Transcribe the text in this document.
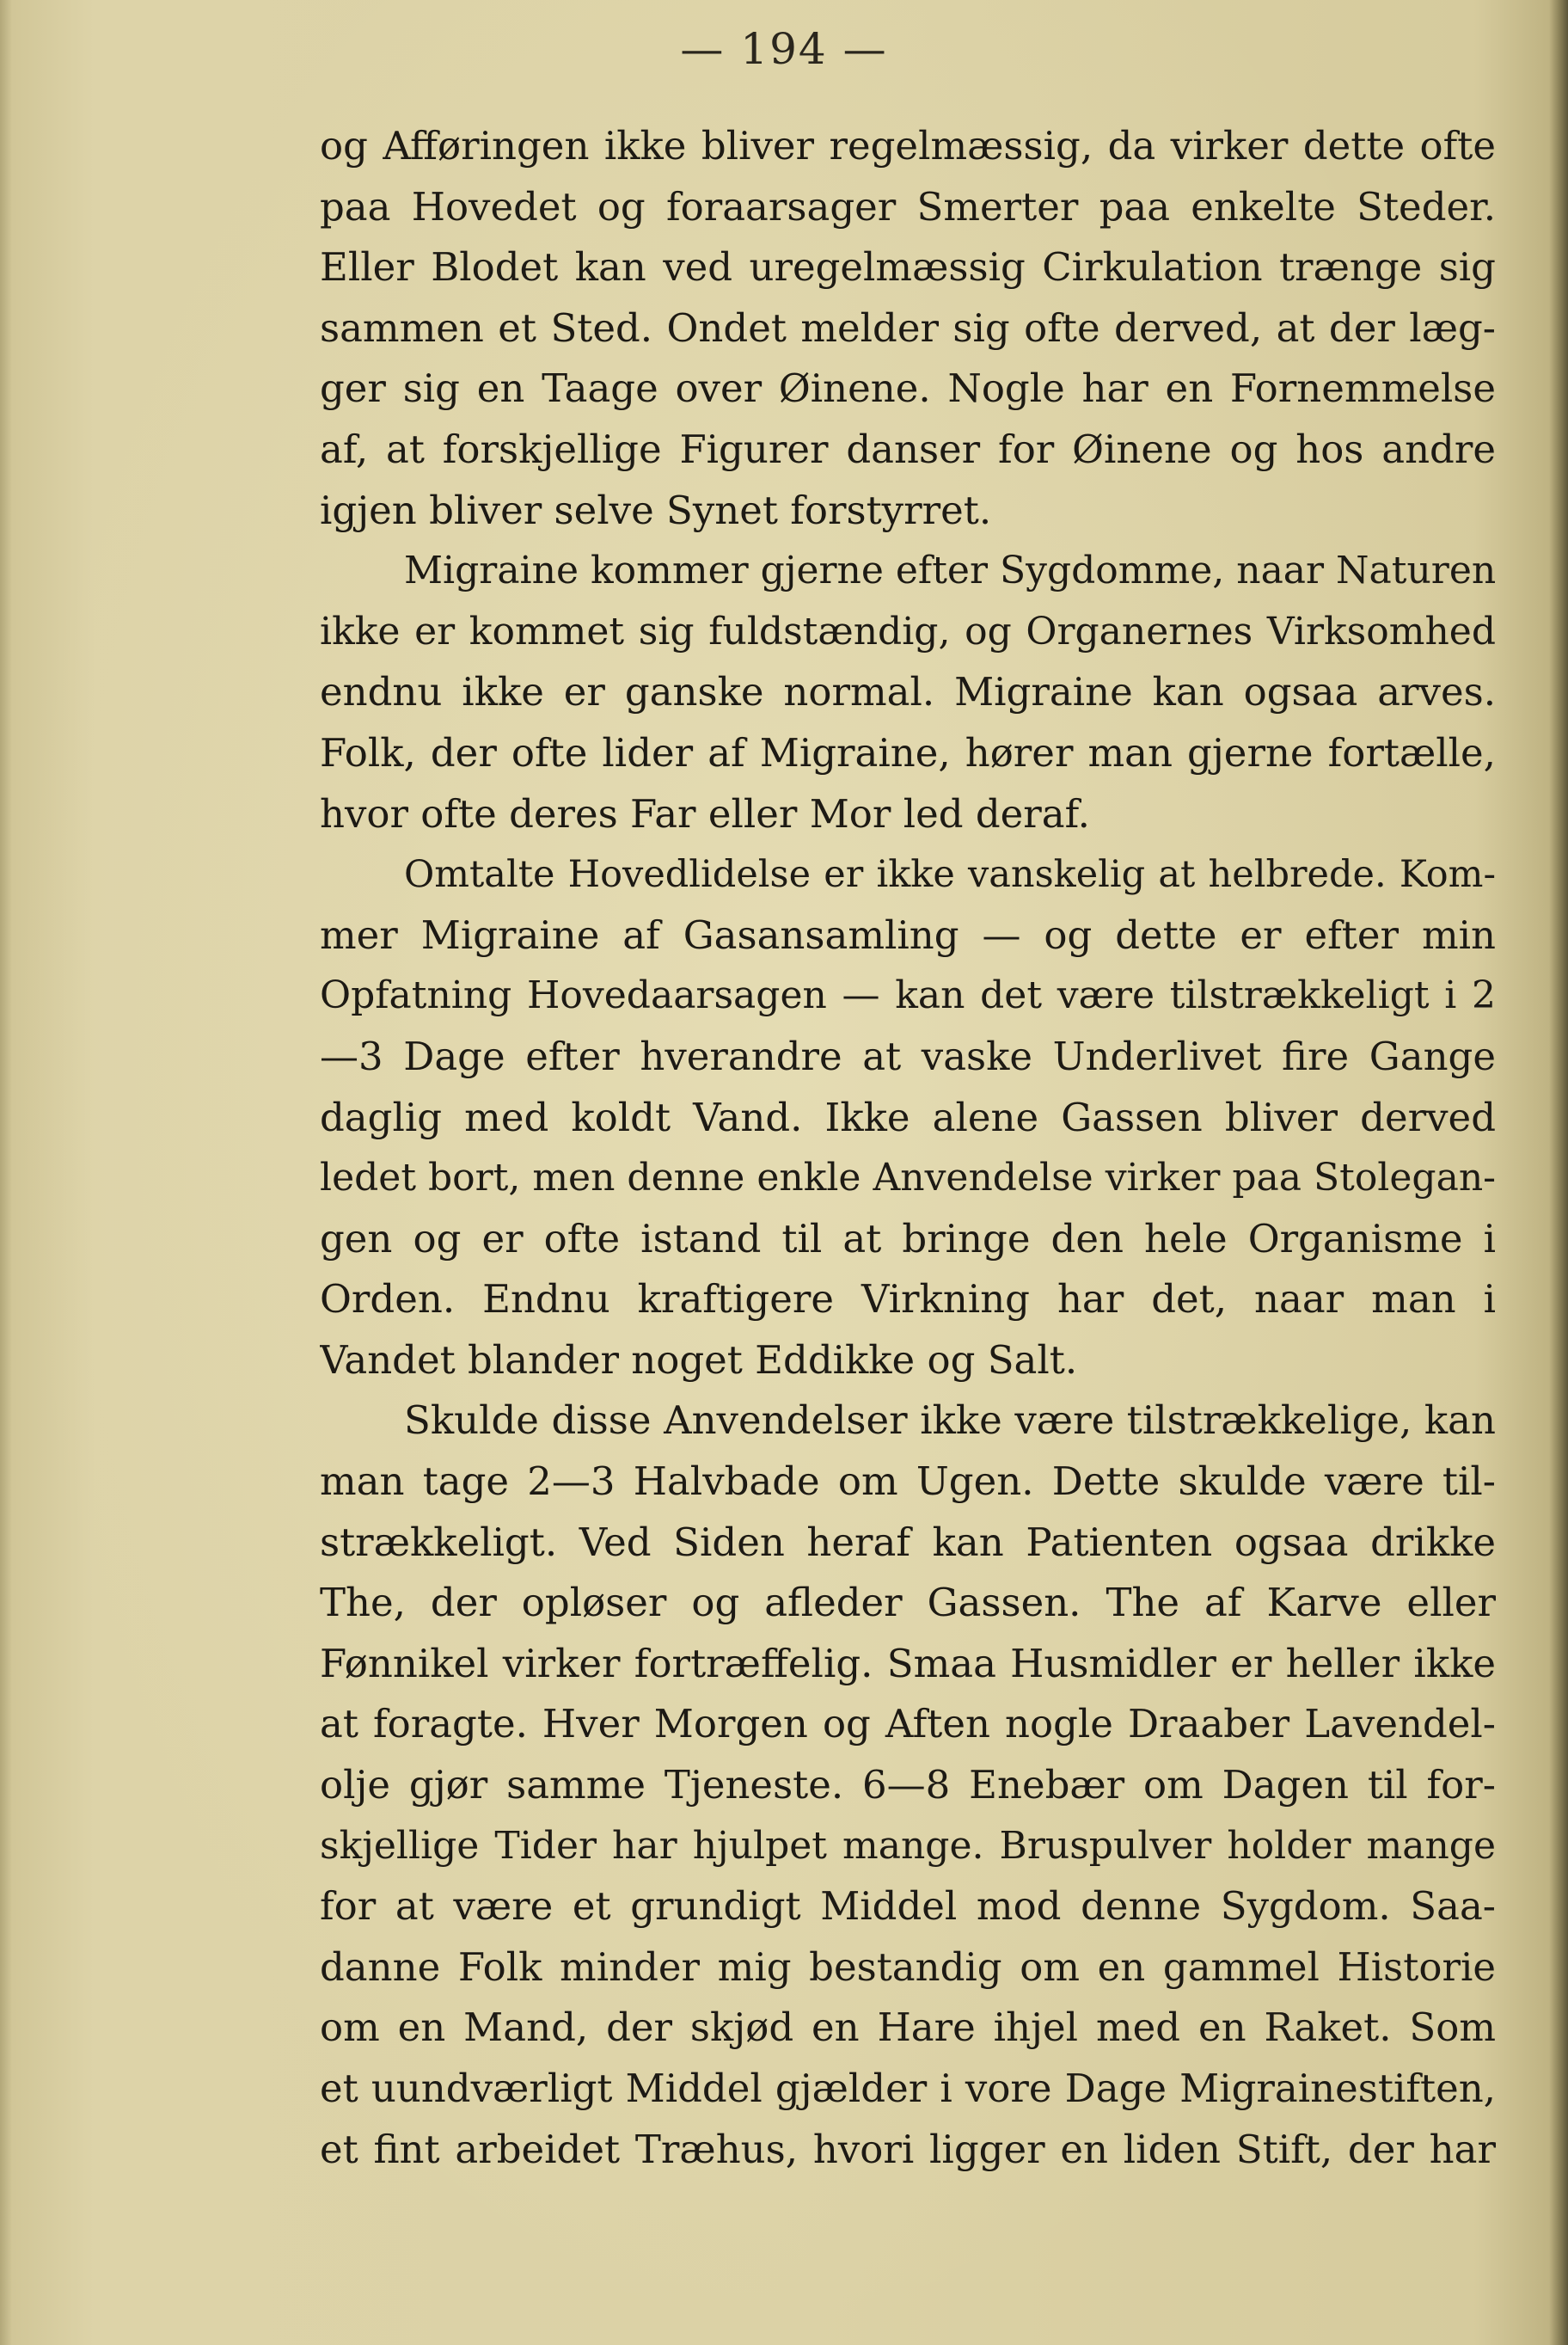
— 194 —
og Afføringen ikke bliver regelmæssig, da virker dette ofte
paa Hovedet og foraarsager Smerter paa enkelte Steder.
Eller Blodet kan ved uregelmæssig Cirkulation trænge sig
sammen et Sted. Ondet melder sig ofte derved, at der læg-
ger sig en Taage over Øinene. Nogle har en Fornemmelse
af, at forskjellige Figurer danser for Øinene og hos andre
igjen bliver selve Synet forstyrret.
Migraine kommer gjerne efter Sygdomme, naar Naturen
ikke er kommet sig fuldstændig, og Organernes Virksomhed
endnu ikke er ganske normal. Migraine kan ogsaa arves.
Folk, der ofte lider af Migraine, hører man gjerne fortælle,
hvor ofte deres Far eller Mor led deraf.
Omtalte Hovedlidelse er ikke vanskelig at helbrede. Kom-
mer Migraine af Gasansamling — og dette er efter min
Opfatning Hovedaarsagen — kan det være tilstrækkeligt i 2
—3 Dage efter hverandre at vaske Underlivet fire Gange
daglig med koldt Vand. Ikke alene Gassen bliver derved
ledet bort, men denne enkle Anvendelse virker paa Stolegan-
gen og er ofte istand til at bringe den hele Organisme i
Orden. Endnu kraftigere Virkning har det, naar man i
Vandet blander noget Eddikke og Salt.
Skulde disse Anvendelser ikke være tilstrækkelige, kan
man tage 2—3 Halvbade om Ugen. Dette skulde være til-
strækkeligt. Ved Siden heraf kan Patienten ogsaa drikke
The, der opløser og afleder Gassen. The af Karve eller
Fønnikel virker fortræffelig. Smaa Husmidler er heller ikke
at foragte. Hver Morgen og Aften nogle Draaber Lavendel-
olje gjør samme Tjeneste. 6—8 Enebær om Dagen til for-
skjellige Tider har hjulpet mange. Bruspulver holder mange
for at være et grundigt Middel mod denne Sygdom. Saa-
danne Folk minder mig bestandig om en gammel Historie
om en Mand, der skjød en Hare ihjel med en Raket. Som
et uundværligt Middel gjælder i vore Dage Migrainestiften,
et fint arbeidet Træhus, hvori ligger en liden Stift, der har
